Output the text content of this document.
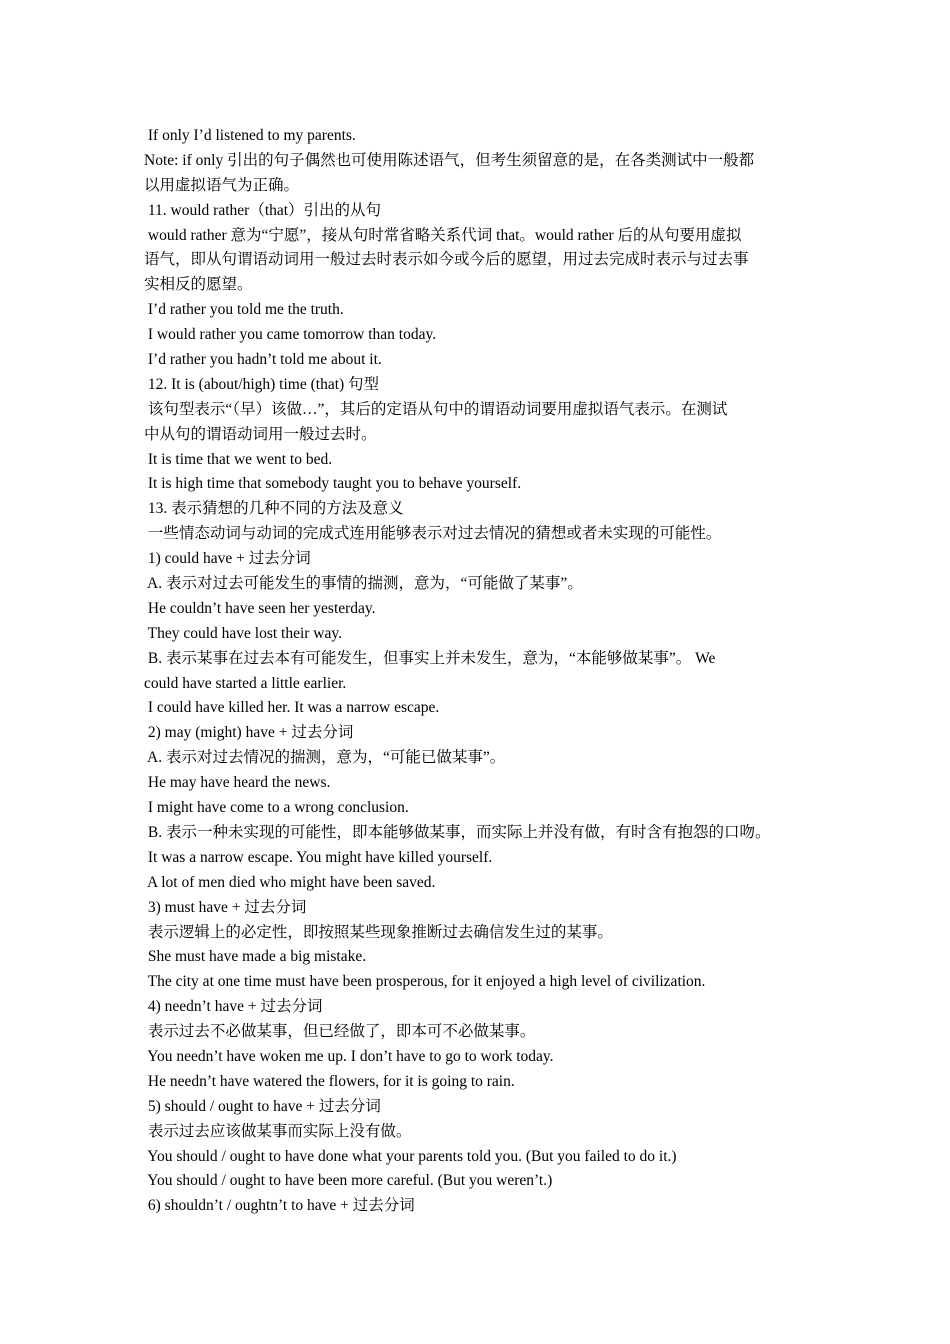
If only I’d listened to my parents.
Note: if only 引出的句子偶然也可使用陈述语气，但考生须留意的是，在各类测试中一般都
以用虚拟语气为正确。
11. would rather（that）引出的从句
would rather 意为“宁愿”，接从句时常省略关系代词 that。would rather 后的从句要用虚拟
语气，即从句谓语动词用一般过去时表示如今或今后的愿望，用过去完成时表示与过去事
实相反的愿望。
I’d rather you told me the truth.
I would rather you came tomorrow than today.
I’d rather you hadn’t told me about it.
12. It is (about/high) time (that) 句型
该句型表示“（早）该做…”，其后的定语从句中的谓语动词要用虚拟语气表示。在测试
中从句的谓语动词用一般过去时。
It is time that we went to bed.
It is high time that somebody taught you to behave yourself.
13. 表示猜想的几种不同的方法及意义
一些情态动词与动词的完成式连用能够表示对过去情况的猜想或者未实现的可能性。
1) could have + 过去分词
A. 表示对过去可能发生的事情的揣测，意为，“可能做了某事”。
He couldn’t have seen her yesterday.
They could have lost their way.
B. 表示某事在过去本有可能发生，但事实上并未发生，意为，“本能够做某事”。 We
could have started a little earlier.
I could have killed her. It was a narrow escape.
2) may (might) have + 过去分词
A. 表示对过去情况的揣测，意为，“可能已做某事”。
He may have heard the news.
I might have come to a wrong conclusion.
B. 表示一种未实现的可能性，即本能够做某事，而实际上并没有做，有时含有抱怨的口吻。
It was a narrow escape. You might have killed yourself.
A lot of men died who might have been saved.
3) must have + 过去分词
表示逻辑上的必定性，即按照某些现象推断过去确信发生过的某事。
She must have made a big mistake.
The city at one time must have been prosperous, for it enjoyed a high level of civilization.
4) needn’t have + 过去分词
表示过去不必做某事，但已经做了，即本可不必做某事。
You needn’t have woken me up. I don’t have to go to work today.
He needn’t have watered the flowers, for it is going to rain.
5) should / ought to have + 过去分词
表示过去应该做某事而实际上没有做。
You should / ought to have done what your parents told you. (But you failed to do it.)
You should / ought to have been more careful. (But you weren’t.)
6) shouldn’t / oughtn’t to have + 过去分词
